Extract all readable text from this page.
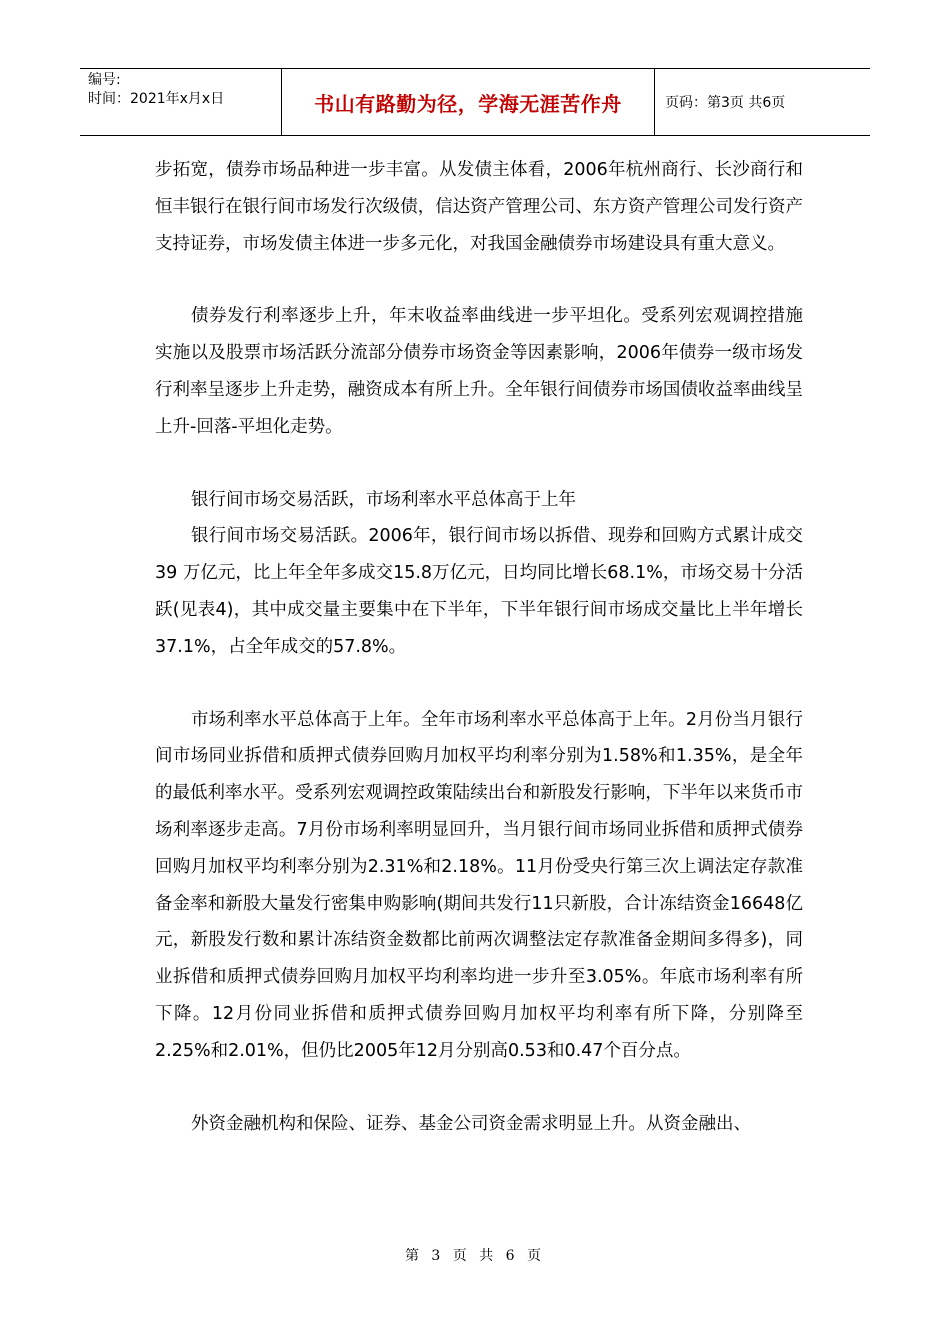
编号:
时间：2021年x月x日	书山有路勤为径，学海无涯苦作舟	页码：第3页 共6页

步拓宽，债券市场品种进一步丰富。从发债主体看，2006年杭州商行、长沙商行和恒丰银行在银行间市场发行次级债，信达资产管理公司、东方资产管理公司发行资产支持证券，市场发债主体进一步多元化，对我国金融债券市场建设具有重大意义。

债券发行利率逐步上升，年末收益率曲线进一步平坦化。受系列宏观调控措施实施以及股票市场活跃分流部分债券市场资金等因素影响，2006年债券一级市场发行利率呈逐步上升走势，融资成本有所上升。全年银行间债券市场国债收益率曲线呈上升-回落-平坦化走势。

银行间市场交易活跃，市场利率水平总体高于上年

银行间市场交易活跃。2006年，银行间市场以拆借、现券和回购方式累计成交39 万亿元，比上年全年多成交15.8万亿元，日均同比增长68.1%，市场交易十分活跃(见表4)，其中成交量主要集中在下半年，下半年银行间市场成交量比上半年增长37.1%，占全年成交的57.8%。

市场利率水平总体高于上年。全年市场利率水平总体高于上年。2月份当月银行间市场同业拆借和质押式债券回购月加权平均利率分别为1.58%和1.35%，是全年的最低利率水平。受系列宏观调控政策陆续出台和新股发行影响，下半年以来货币市场利率逐步走高。7月份市场利率明显回升，当月银行间市场同业拆借和质押式债券回购月加权平均利率分别为2.31%和2.18%。11月份受央行第三次上调法定存款准备金率和新股大量发行密集申购影响(期间共发行11只新股，合计冻结资金16648亿元，新股发行数和累计冻结资金数都比前两次调整法定存款准备金期间多得多)，同业拆借和质押式债券回购月加权平均利率均进一步升至3.05%。年底市场利率有所下降。12月份同业拆借和质押式债券回购月加权平均利率有所下降，分别降至2.25%和2.01%，但仍比2005年12月分别高0.53和0.47个百分点。

外资金融机构和保险、证券、基金公司资金需求明显上升。从资金融出、

第 3 页 共 6 页
